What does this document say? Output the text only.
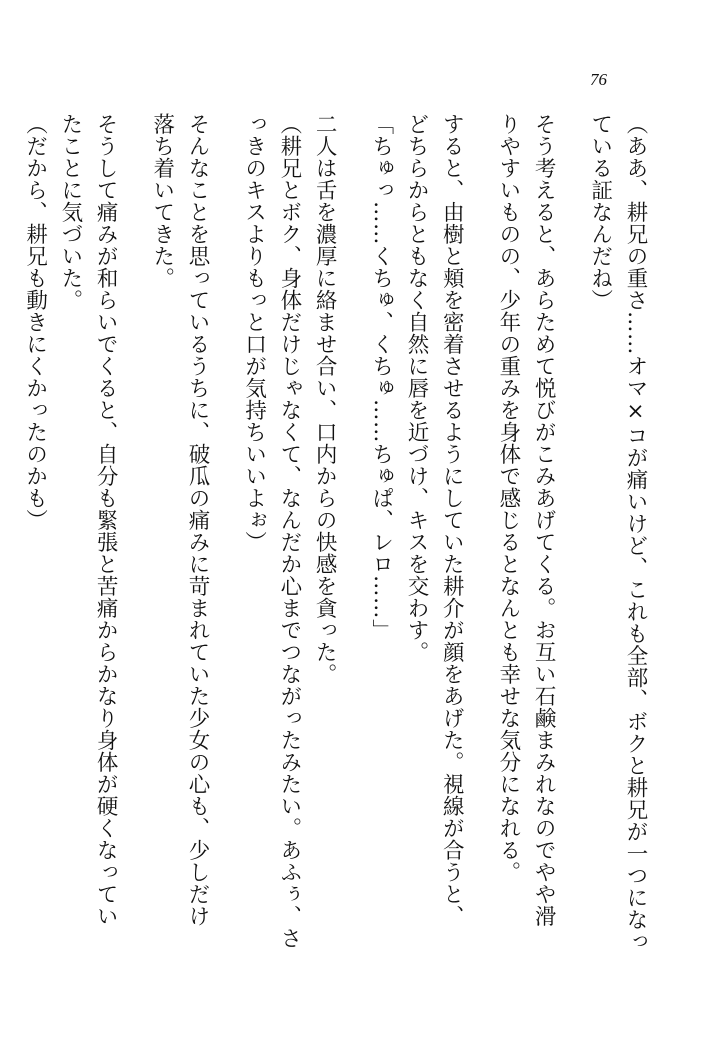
76
（ああ、耕兄の重さ……オマ×コが痛いけど、これも全部、ボクと耕兄が一つになっ
ている証なんだね）
そう考えると、あらためて悦びがこみあげてくる。お互い石鹸まみれなのでやや滑
りやすいものの、少年の重みを身体で感じるとなんとも幸せな気分になれる。
すると、由樹と頬を密着させるようにしていた耕介が顔をあげた。視線が合うと、
どちらからともなく自然に唇を近づけ、キスを交わす。
「ちゅっ……くちゅ、くちゅ……ちゅぱ、レロ……」
二人は舌を濃厚に絡ませ合い、口内からの快感を貪った。
（耕兄とボク、身体だけじゃなくて、なんだか心までつながったみたい。あふぅ、さ
っきのキスよりもっと口が気持ちいいよぉ）
そんなことを思っているうちに、破瓜の痛みに苛まれていた少女の心も、少しだけ
落ち着いてきた。
そうして痛みが和らいでくると、自分も緊張と苦痛からかなり身体が硬くなってい
たことに気づいた。
（だから、耕兄も動きにくかったのかも）
